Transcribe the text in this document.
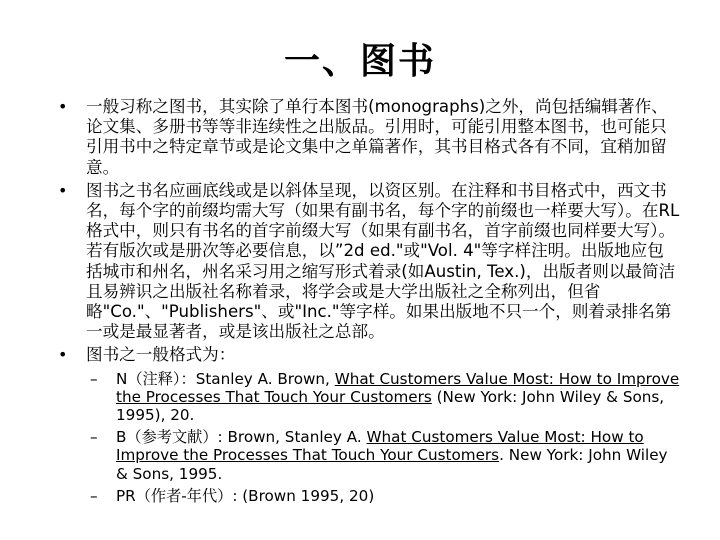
一、图书
•
一般习称之图书，其实除了单行本图书(monographs)之外，尚包括编辑著作、论文集、多册书等等非连续性之出版品。引用时，可能引用整本图书，也可能只引用书中之特定章节或是论文集中之单篇著作，其书目格式各有不同，宜稍加留意。
•
图书之书名应画底线或是以斜体呈现，以资区别。在注释和书目格式中，西文书名，每个字的前缀均需大写（如果有副书名，每个字的前缀也一样要大写）。在RL格式中，则只有书名的首字前缀大写（如果有副书名，首字前缀也同样要大写）。若有版次或是册次等必要信息，以”2d ed."或"Vol. 4"等字样注明。出版地应包括城市和州名，州名采习用之缩写形式着录(如Austin, Tex.)，出版者则以最简洁且易辨识之出版社名称着录，将学会或是大学出版社之全称列出，但省略"Co."、"Publishers"、或"Inc."等字样。如果出版地不只一个，则着录排名第一或是最显著者，或是该出版社之总部。
•
图书之一般格式为：
–
N（注释）：Stanley A. Brown, What Customers Value Most: How to Improve the Processes That Touch Your Customers (New York: John Wiley & Sons, 1995), 20.
–
B（参考文献）: Brown, Stanley A. What Customers Value Most: How to Improve the Processes That Touch Your Customers. New York: John Wiley & Sons, 1995.
–
PR（作者-年代）: (Brown 1995, 20)
